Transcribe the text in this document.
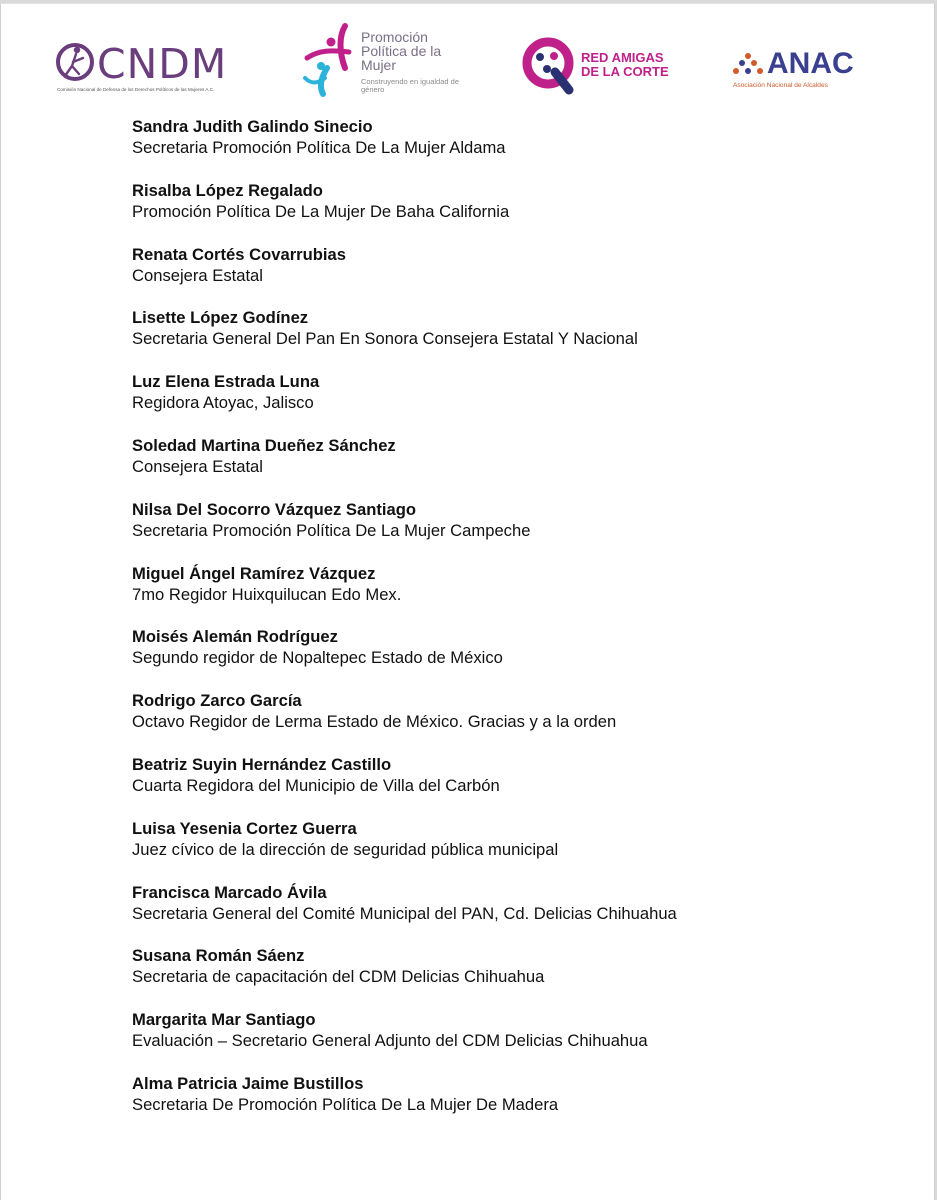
CNDM
Comisión Nacional de Defensa de los Derechos Políticos de las Mujeres A.C.
Promoción Política de la Mujer
Construyendo en igualdad de género
RED AMIGAS
DE LA CORTE	ANAC
Asociación Nacional de Alcaldes
Sandra Judith Galindo Sinecio
Secretaria Promoción Política De La Mujer Aldama
Risalba López Regalado
Promoción Política De La Mujer De Baha California
Renata Cortés Covarrubias
Consejera Estatal
Lisette López Godínez
Secretaria General Del Pan En Sonora Consejera Estatal Y Nacional
Luz Elena Estrada Luna
Regidora Atoyac, Jalisco
Soledad Martina Dueñez Sánchez
Consejera Estatal
Nilsa Del Socorro Vázquez Santiago
Secretaria Promoción Política De La Mujer Campeche
Miguel Ángel Ramírez Vázquez
7mo Regidor Huixquilucan Edo Mex.
Moisés Alemán Rodríguez
Segundo regidor de Nopaltepec Estado de México
Rodrigo Zarco García
Octavo Regidor de Lerma Estado de México. Gracias y a la orden
Beatriz Suyin Hernández Castillo
Cuarta Regidora del Municipio de Villa del Carbón
Luisa Yesenia Cortez Guerra
Juez cívico de la dirección de seguridad pública municipal
Francisca Marcado Ávila
Secretaria General del Comité Municipal del PAN, Cd. Delicias Chihuahua
Susana Román Sáenz
Secretaria de capacitación del CDM Delicias Chihuahua
Margarita Mar Santiago
Evaluación – Secretario General Adjunto del CDM Delicias Chihuahua
Alma Patricia Jaime Bustillos
Secretaria De Promoción Política De La Mujer De Madera
